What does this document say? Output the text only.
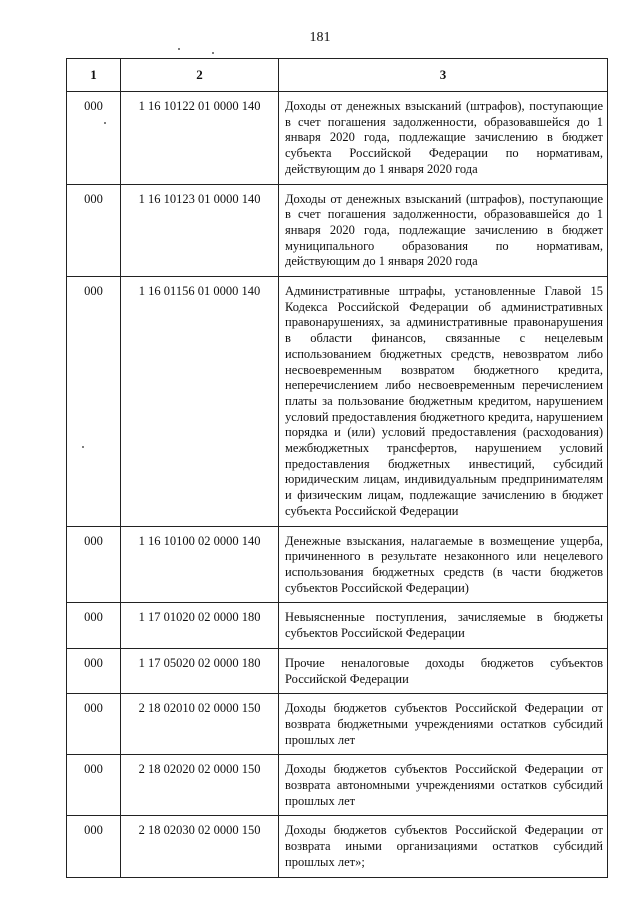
181
1	2	3
000	1 16 10122 01 0000 140	Доходы от денежных взысканий (штрафов), поступающие в счет погашения задолженности, образовавшейся до 1 января 2020 года, подлежащие зачислению в бюджет субъекта Российской Федерации по нормативам, действующим до 1 января 2020 года
000	1 16 10123 01 0000 140	Доходы от денежных взысканий (штрафов), поступающие в счет погашения задолженности, образовавшейся до 1 января 2020 года, подлежащие зачислению в бюджет муниципального образования по нормативам, действующим до 1 января 2020 года
000	1 16 01156 01 0000 140	Административные штрафы, установленные Главой 15 Кодекса Российской Федерации об административных правонарушениях, за административные правонарушения в области финансов, связанные с нецелевым использованием бюджетных средств, невозвратом либо несвоевременным возвратом бюджетного кредита, неперечислением либо несвоевременным перечислением платы за пользование бюджетным кредитом, нарушением условий предоставления бюджетного кредита, нарушением порядка и (или) условий предоставления (расходования) межбюджетных трансфертов, нарушением условий предоставления бюджетных инвестиций, субсидий юридическим лицам, индивидуальным предпринимателям и физическим лицам, подлежащие зачислению в бюджет субъекта Российской Федерации
000	1 16 10100 02 0000 140	Денежные взыскания, налагаемые в возмещение ущерба, причиненного в результате незаконного или нецелевого использования бюджетных средств (в части бюджетов субъектов Российской Федерации)
000	1 17 01020 02 0000 180	Невыясненные поступления, зачисляемые в бюджеты субъектов Российской Федерации
000	1 17 05020 02 0000 180	Прочие неналоговые доходы бюджетов субъектов Российской Федерации
000	2 18 02010 02 0000 150	Доходы бюджетов субъектов Российской Федерации от возврата бюджетными учреждениями остатков субсидий прошлых лет
000	2 18 02020 02 0000 150	Доходы бюджетов субъектов Российской Федерации от возврата автономными учреждениями остатков субсидий прошлых лет
000	2 18 02030 02 0000 150	Доходы бюджетов субъектов Российской Федерации от возврата иными организациями остатков субсидий прошлых лет»;
